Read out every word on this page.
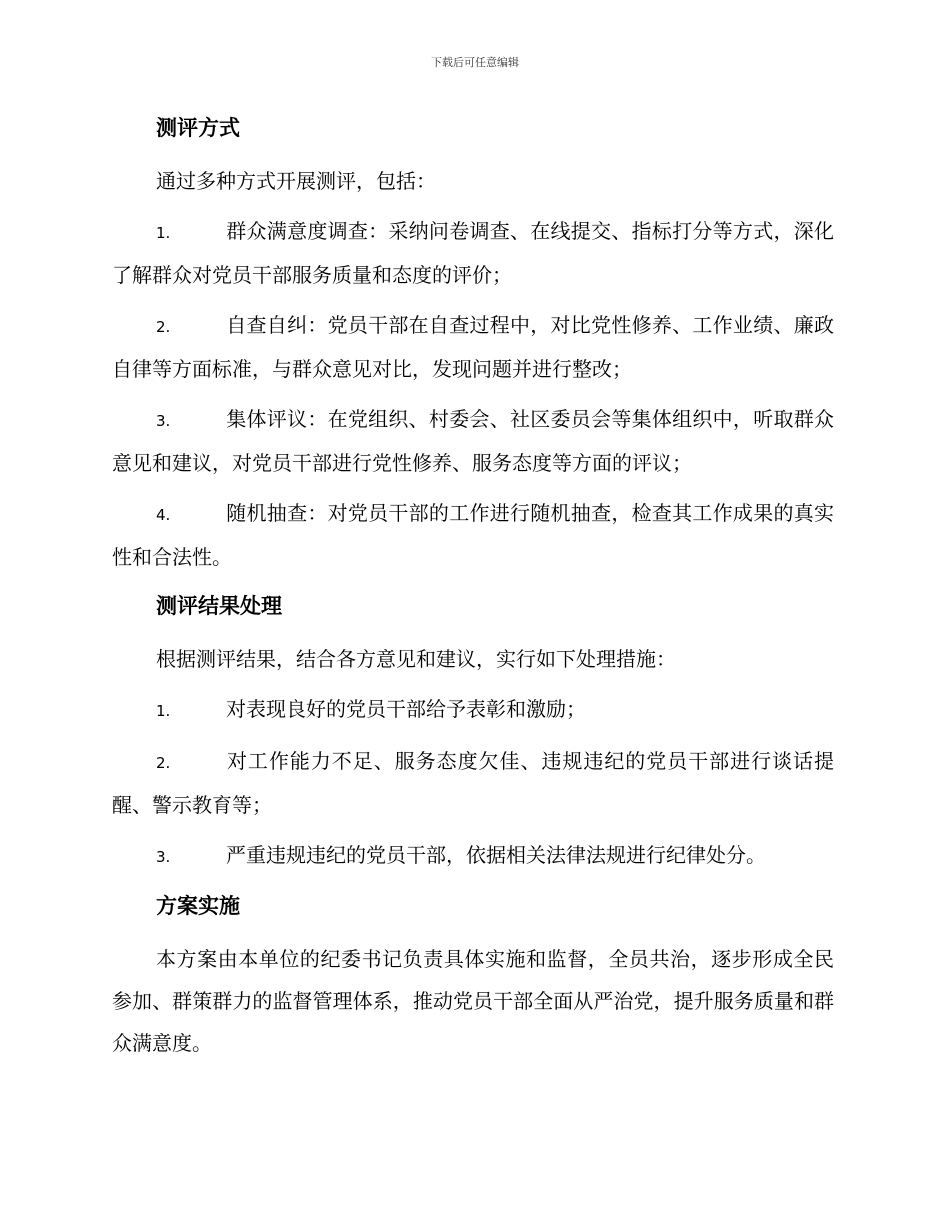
下载后可任意编辑
测评方式

通过多种方式开展测评，包括：

1.	群众满意度调查：采纳问卷调查、在线提交、指标打分等方式，深化了解群众对党员干部服务质量和态度的评价；

2.	自查自纠：党员干部在自查过程中，对比党性修养、工作业绩、廉政自律等方面标准，与群众意见对比，发现问题并进行整改；

3.	集体评议：在党组织、村委会、社区委员会等集体组织中，听取群众意见和建议，对党员干部进行党性修养、服务态度等方面的评议；

4.	随机抽查：对党员干部的工作进行随机抽查，检查其工作成果的真实性和合法性。

测评结果处理

根据测评结果，结合各方意见和建议，实行如下处理措施：

1.	对表现良好的党员干部给予表彰和激励；

2.	对工作能力不足、服务态度欠佳、违规违纪的党员干部进行谈话提醒、警示教育等；

3.	严重违规违纪的党员干部，依据相关法律法规进行纪律处分。

方案实施

本方案由本单位的纪委书记负责具体实施和监督，全员共治，逐步形成全民参加、群策群力的监督管理体系，推动党员干部全面从严治党，提升服务质量和群众满意度。
